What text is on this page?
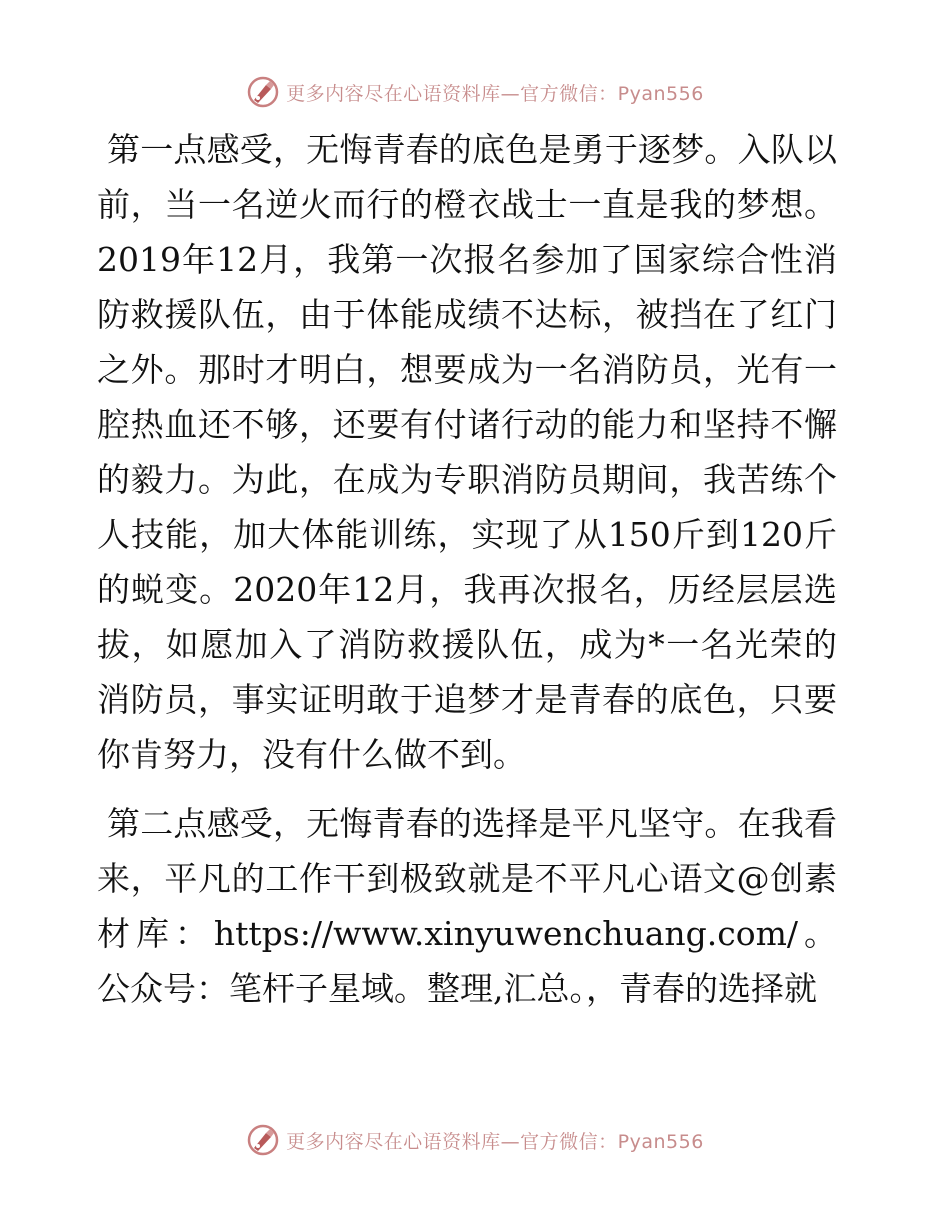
更多内容尽在心语资料库—官方微信：Pyan556

第一点感受，无悔青春的底色是勇于逐梦。入队以前，当一名逆火而行的橙衣战士一直是我的梦想。2019年12月，我第一次报名参加了国家综合性消防救援队伍，由于体能成绩不达标，被挡在了红门之外。那时才明白，想要成为一名消防员，光有一腔热血还不够，还要有付诸行动的能力和坚持不懈的毅力。为此，在成为专职消防员期间，我苦练个人技能，加大体能训练，实现了从150斤到120斤的蜕变。2020年12月，我再次报名，历经层层选拔，如愿加入了消防救援队伍，成为*一名光荣的消防员，事实证明敢于追梦才是青春的底色，只要你肯努力，没有什么做不到。

第二点感受，无悔青春的选择是平凡坚守。在我看来，平凡的工作干到极致就是不平凡心语文@创素材库：https://www.xinyuwenchuang.com/。公众号：笔杆子星域。整理,汇总。，青春的选择就

更多内容尽在心语资料库—官方微信：Pyan556
